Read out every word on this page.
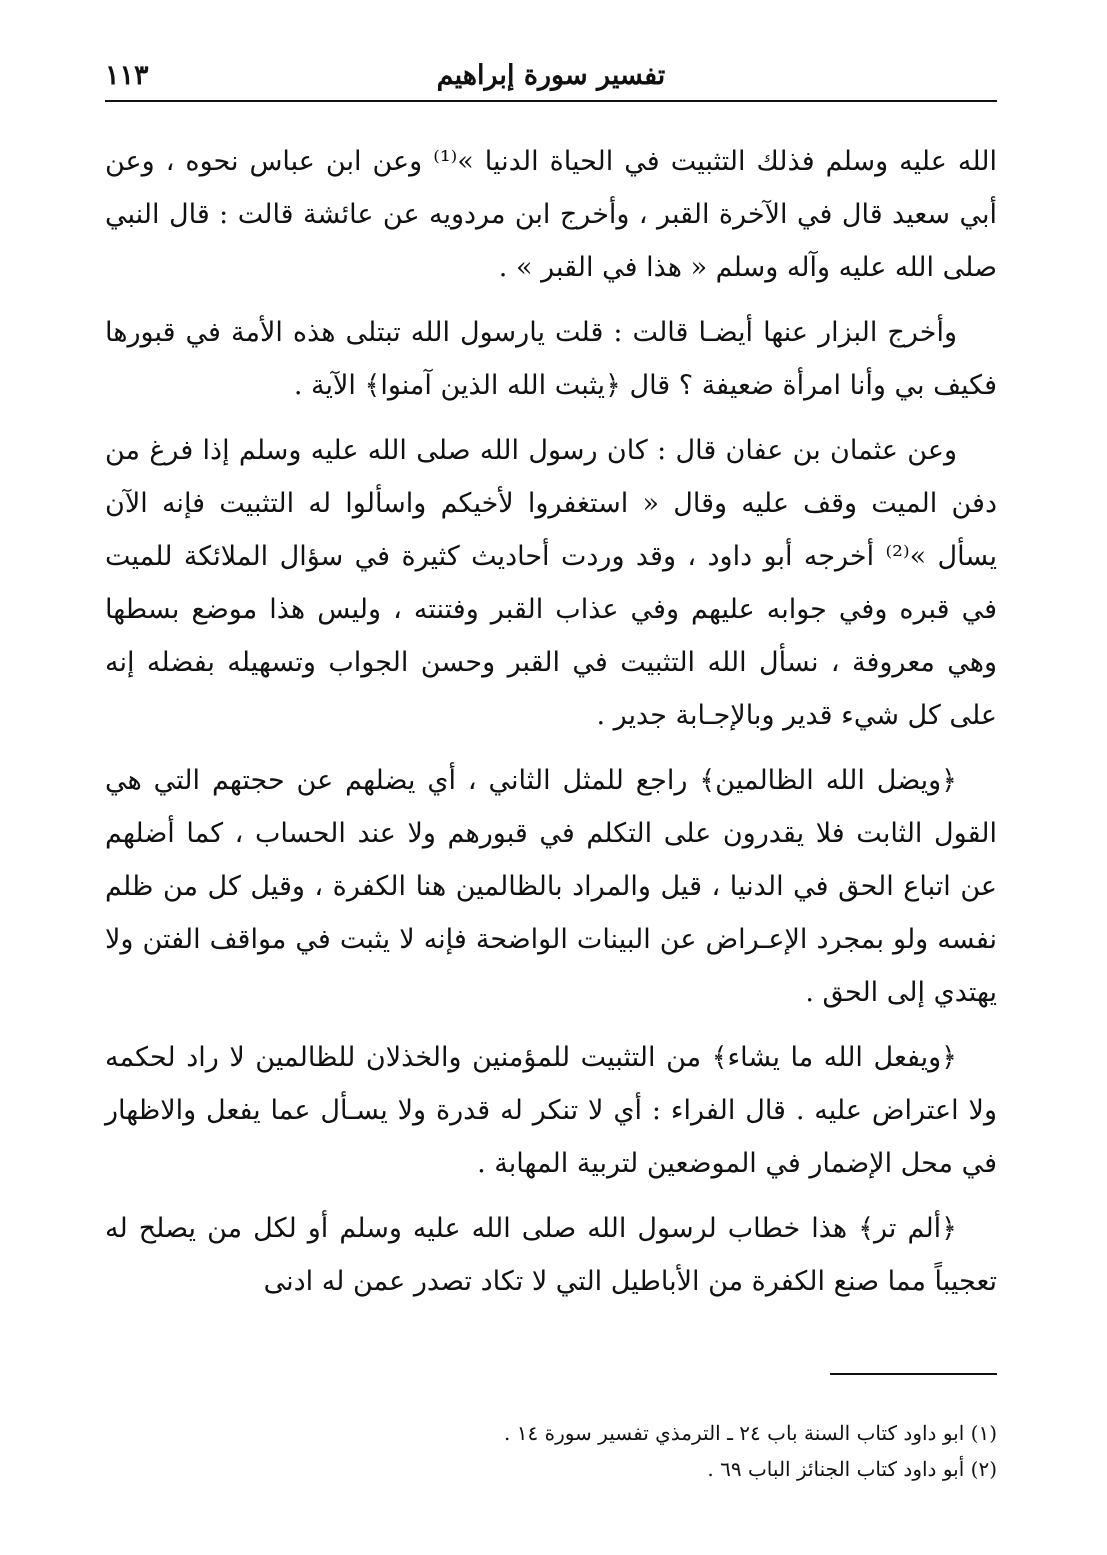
تفسير سورة إبراهيم
١١٣

الله عليه وسلم فذلك التثبيت في الحياة الدنيا »⁽¹⁾ وعن ابن عباس نحوه ، وعن أبي سعيد قال في الآخرة القبر ، وأخرج ابن مردويه عن عائشة قالت : قال النبي صلى الله عليه وآله وسلم « هذا في القبر » .

وأخرج البزار عنها أيضـا قالت : قلت يارسول الله تبتلى هذه الأمة في قبورها فكيف بي وأنا امرأة ضعيفة ؟ قال ﴿يثبت الله الذين آمنوا﴾ الآية .

وعن عثمان بن عفان قال : كان رسول الله صلى الله عليه وسلم إذا فرغ من دفن الميت وقف عليه وقال « استغفروا لأخيكم واسألوا له التثبيت فإنه الآن يسأل »⁽²⁾ أخرجه أبو داود ، وقد وردت أحاديث كثيرة في سؤال الملائكة للميت في قبره وفي جوابه عليهم وفي عذاب القبر وفتنته ، وليس هذا موضع بسطها وهي معروفة ، نسأل الله التثبيت في القبر وحسن الجواب وتسهيله بفضله إنه على كل شيء قدير وبالإجـابة جدير .

﴿ويضل الله الظالمين﴾ راجع للمثل الثاني ، أي يضلهم عن حجتهم التي هي القول الثابت فلا يقدرون على التكلم في قبورهم ولا عند الحساب ، كما أضلهم عن اتباع الحق في الدنيا ، قيل والمراد بالظالمين هنا الكفرة ، وقيل كل من ظلم نفسه ولو بمجرد الإعـراض عن البينات الواضحة فإنه لا يثبت في مواقف الفتن ولا يهتدي إلى الحق .

﴿ويفعل الله ما يشاء﴾ من التثبيت للمؤمنين والخذلان للظالمين لا راد لحكمه ولا اعتراض عليه . قال الفراء : أي لا تنكر له قدرة ولا يسـأل عما يفعل والاظهار في محل الإضمار في الموضعين لتربية المهابة .

﴿ألم تر﴾ هذا خطاب لرسول الله صلى الله عليه وسلم أو لكل من يصلح له تعجيباً مما صنع الكفرة من الأباطيل التي لا تكاد تصدر عمن له ادنى

(١) ابو داود كتاب السنة باب ٢٤ ـ الترمذي تفسير سورة ١٤ .

(٢) أبو داود كتاب الجنائز الباب ٦٩ .
